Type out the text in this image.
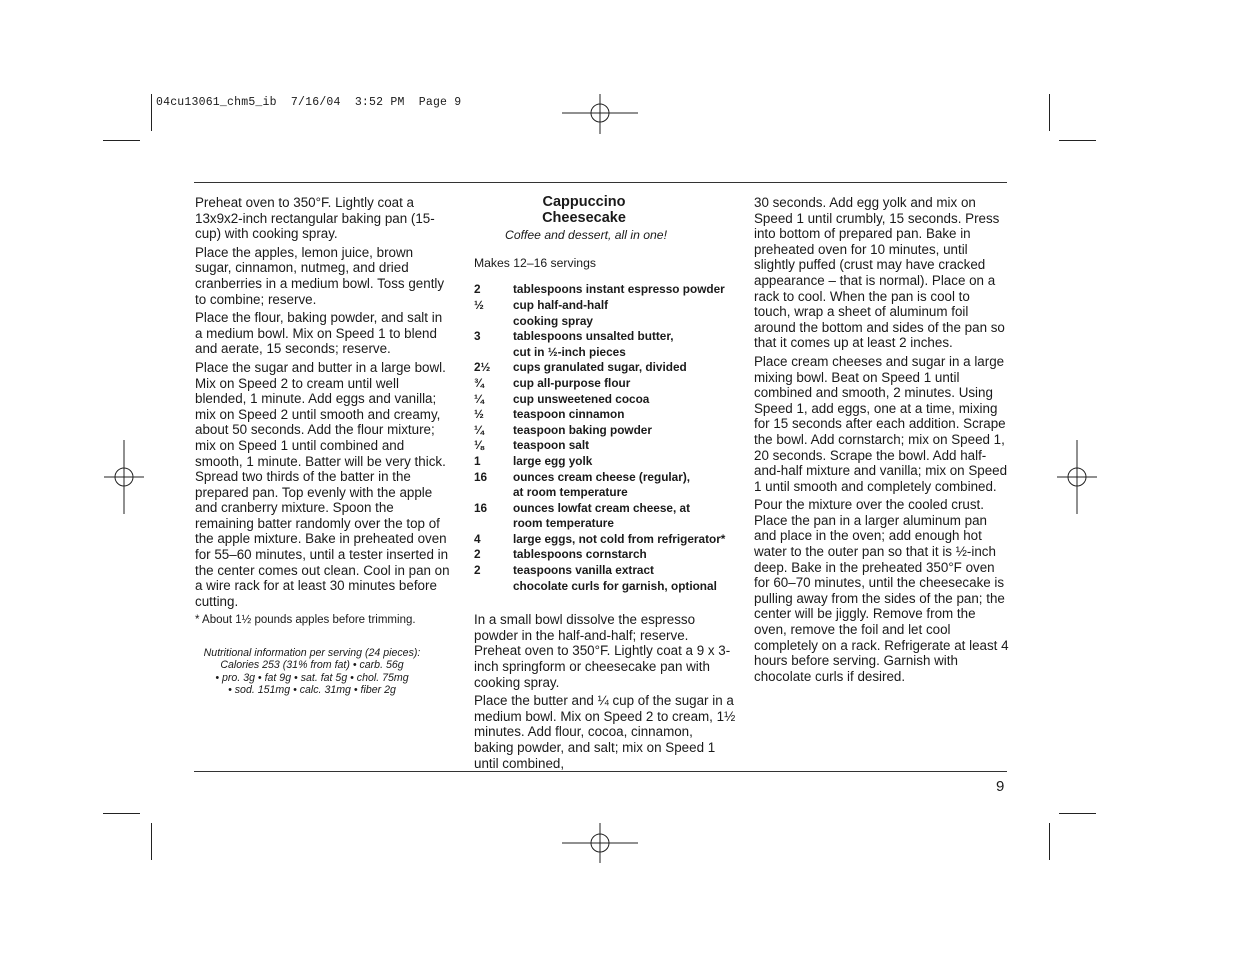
04cu13061_chm5_ib  7/16/04  3:52 PM  Page 9

Preheat oven to 350°F. Lightly coat a 13x9x2-inch rectangular baking pan (15-cup) with cooking spray.

Place the apples, lemon juice, brown sugar, cinnamon, nutmeg, and dried cranberries in a medium bowl. Toss gently to combine; reserve.

Place the flour, baking powder, and salt in a medium bowl. Mix on Speed 1 to blend and aerate, 15 seconds; reserve.

Place the sugar and butter in a large bowl. Mix on Speed 2 to cream until well blended, 1 minute. Add eggs and vanilla; mix on Speed 2 until smooth and creamy, about 50 seconds. Add the flour mixture; mix on Speed 1 until combined and smooth, 1 minute. Batter will be very thick. Spread two thirds of the batter in the prepared pan. Top evenly with the apple and cranberry mixture. Spoon the remaining batter randomly over the top of the apple mixture. Bake in preheated oven for 55–60 minutes, until a tester inserted in the center comes out clean. Cool in pan on a wire rack for at least 30 minutes before cutting.

* About 1½ pounds apples before trimming.
Nutritional information per serving (24 pieces):
Calories 253 (31% from fat) • carb. 56g
• pro. 3g • fat 9g • sat. fat 5g • chol. 75mg
• sod. 151mg • calc. 31mg • fiber 2g
Cappuccino Cheesecake
Coffee and dessert, all in one!
Makes 12–16 servings
2	tablespoons instant espresso powder
½	cup half-and-half
cooking spray
3	tablespoons unsalted butter,
cut in ½-inch pieces
2½	cups granulated sugar, divided
¾	cup all-purpose flour
¼	cup unsweetened cocoa
½	teaspoon cinnamon
¼	teaspoon baking powder
⅛	teaspoon salt
1	large egg yolk
16	ounces cream cheese (regular),
at room temperature
16	ounces lowfat cream cheese, at
room temperature
4	large eggs, not cold from refrigerator*
2	tablespoons cornstarch
2	teaspoons vanilla extract
chocolate curls for garnish, optional

In a small bowl dissolve the espresso powder in the half-and-half; reserve. Preheat oven to 350°F. Lightly coat a 9 x 3-inch springform or cheesecake pan with cooking spray.

Place the butter and ¼ cup of the sugar in a medium bowl. Mix on Speed 2 to cream, 1½ minutes. Add flour, cocoa, cinnamon, baking powder, and salt; mix on Speed 1 until combined,

30 seconds. Add egg yolk and mix on Speed 1 until crumbly, 15 seconds. Press into bottom of prepared pan. Bake in preheated oven for 10 minutes, until slightly puffed (crust may have cracked appearance – that is normal). Place on a rack to cool. When the pan is cool to touch, wrap a sheet of aluminum foil around the bottom and sides of the pan so that it comes up at least 2 inches.

Place cream cheeses and sugar in a large mixing bowl. Beat on Speed 1 until combined and smooth, 2 minutes. Using Speed 1, add eggs, one at a time, mixing for 15 seconds after each addition. Scrape the bowl. Add cornstarch; mix on Speed 1, 20 seconds. Scrape the bowl. Add half-and-half mixture and vanilla; mix on Speed 1 until smooth and completely combined.

Pour the mixture over the cooled crust. Place the pan in a larger aluminum pan and place in the oven; add enough hot water to the outer pan so that it is ½-inch deep. Bake in the preheated 350°F oven for 60–70 minutes, until the cheesecake is pulling away from the sides of the pan; the center will be jiggly. Remove from the oven, remove the foil and let cool completely on a rack. Refrigerate at least 4 hours before serving. Garnish with chocolate curls if desired.

9
